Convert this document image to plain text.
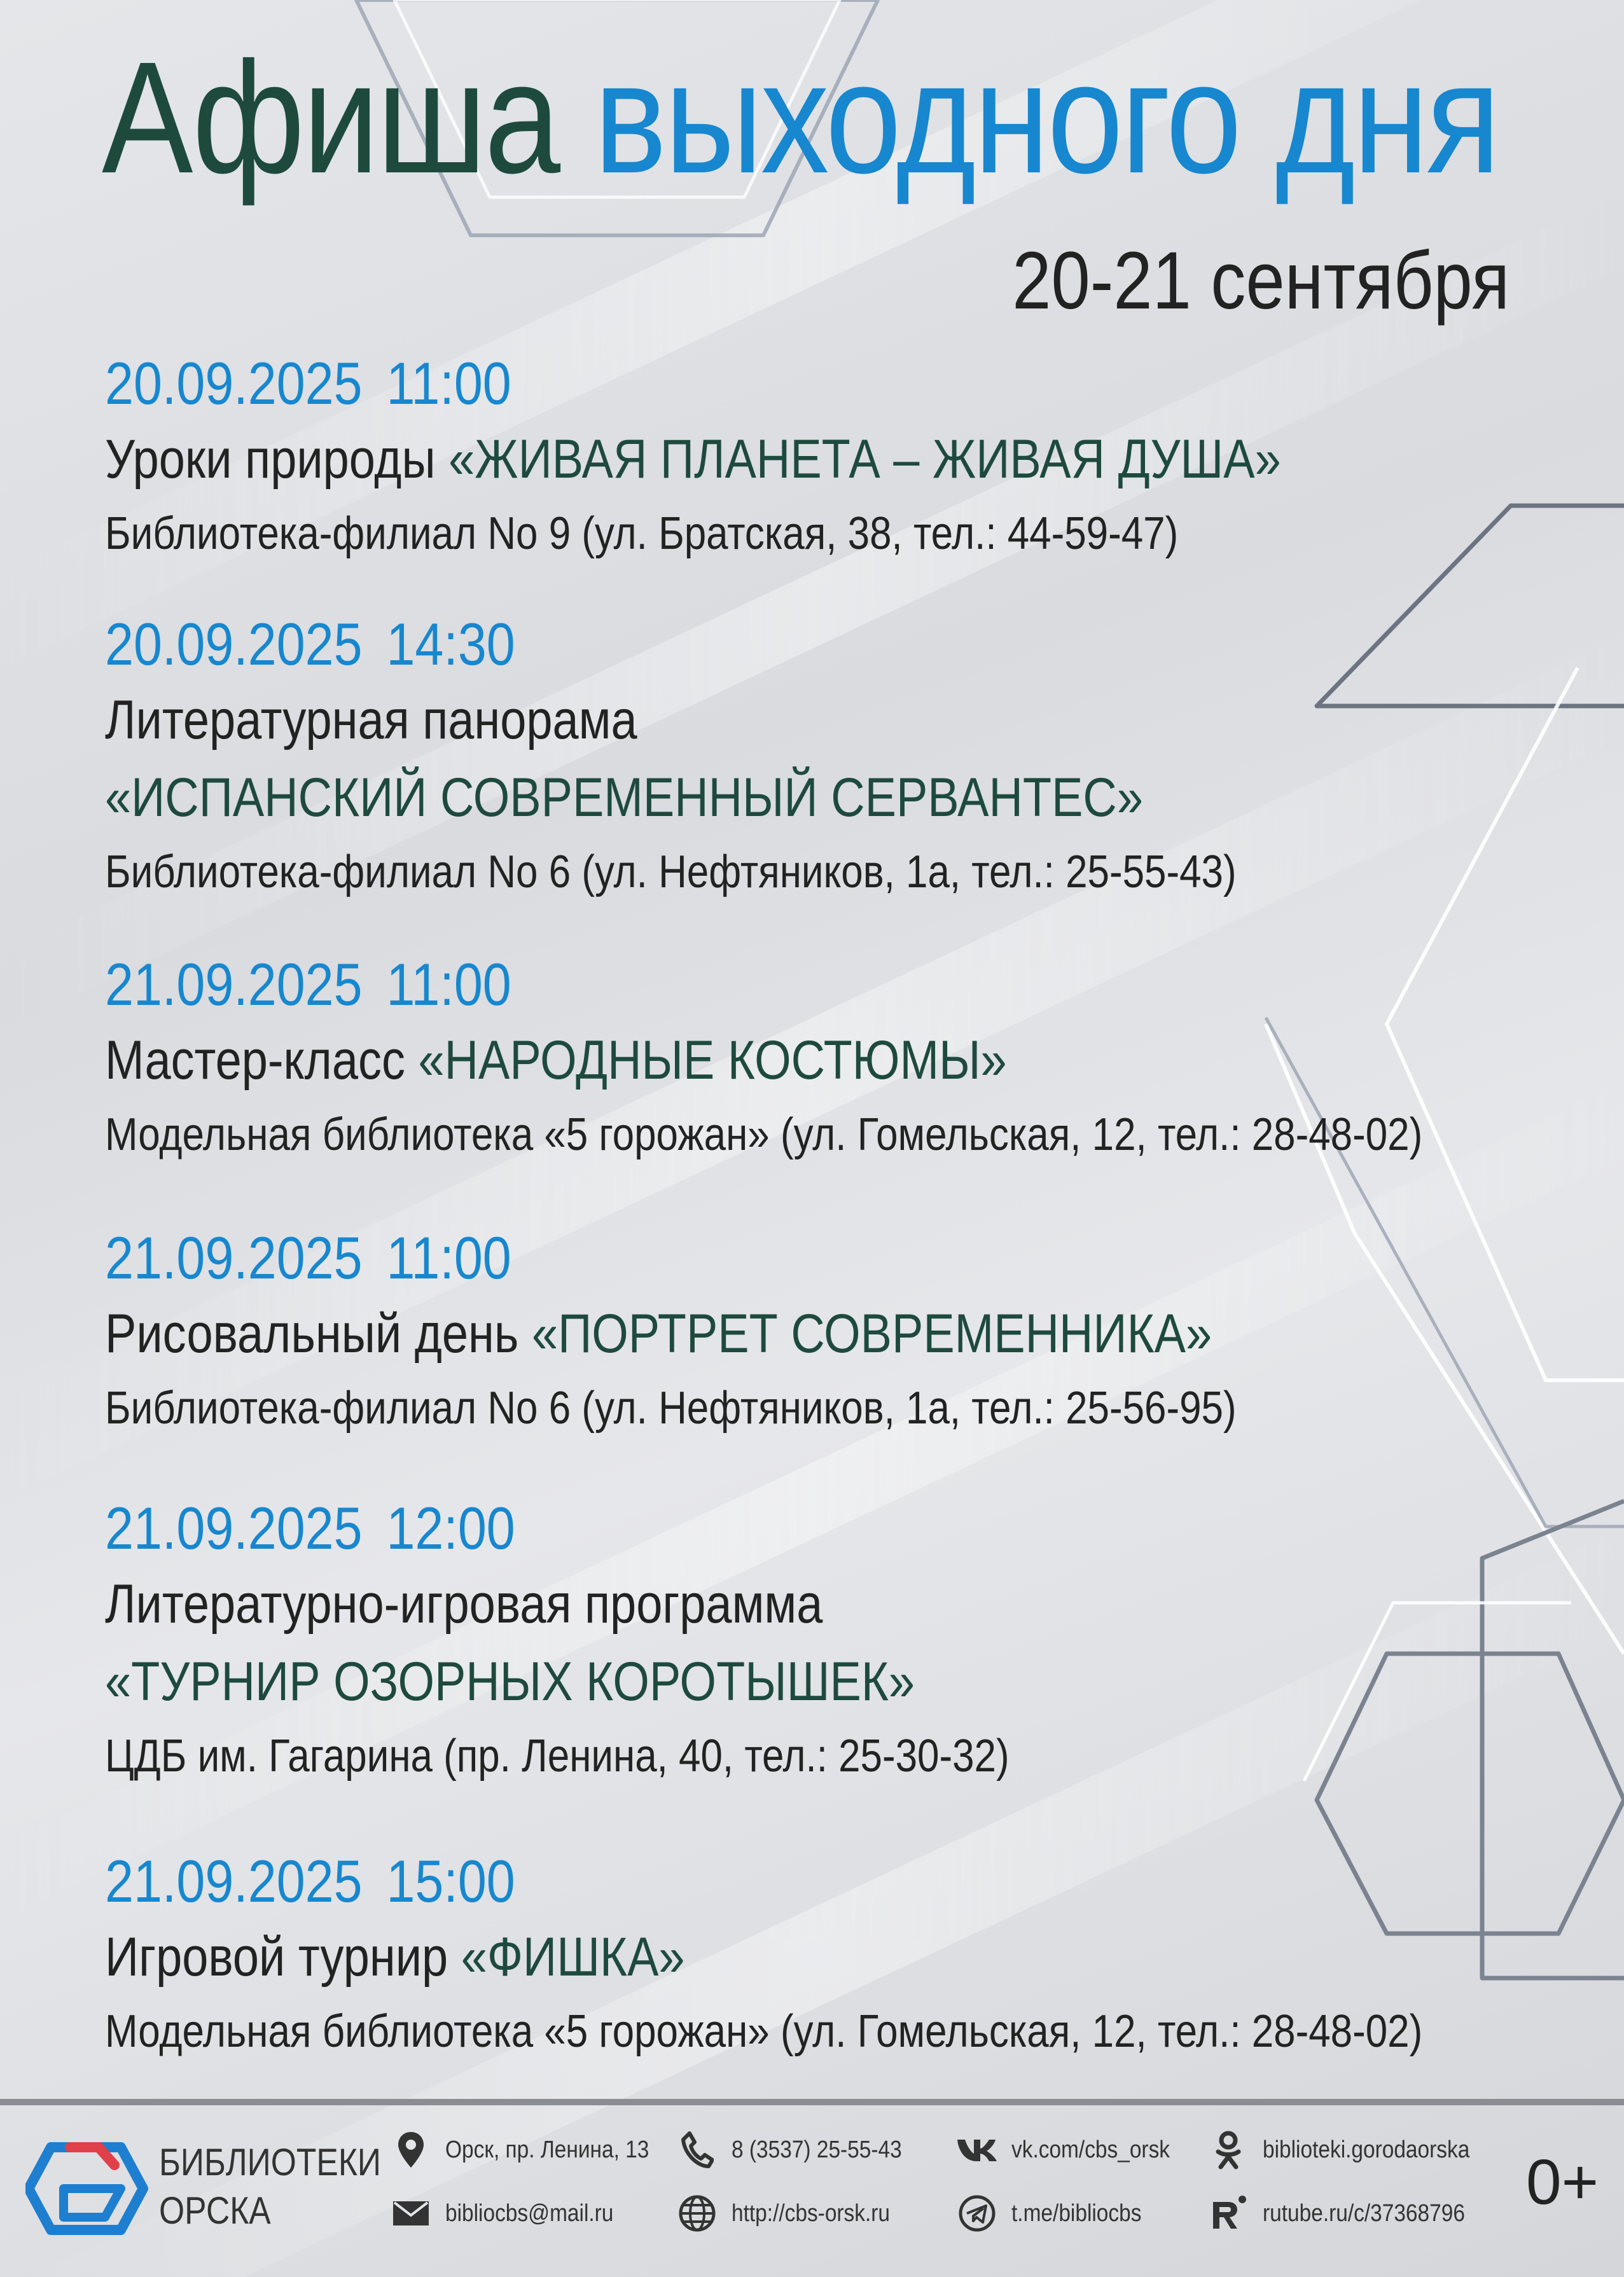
Афиша выходного дня
20-21 сентября
20.09.2025 11:00
Уроки природы «ЖИВАЯ ПЛАНЕТА – ЖИВАЯ ДУША»
Библиотека-филиал No 9 (ул. Братская, 38, тел.: 44-59-47)
20.09.2025 14:30
Литературная панорама
«ИСПАНСКИЙ СОВРЕМЕННЫЙ СЕРВАНТЕС»
Библиотека-филиал No 6 (ул. Нефтяников, 1а, тел.: 25-55-43)
21.09.2025 11:00
Мастер-класс «НАРОДНЫЕ КОСТЮМЫ»
Модельная библиотека «5 горожан» (ул. Гомельская, 12, тел.: 28-48-02)
21.09.2025 11:00
Рисовальный день «ПОРТРЕТ СОВРЕМЕННИКА»
Библиотека-филиал No 6 (ул. Нефтяников, 1а, тел.: 25-56-95)
21.09.2025 12:00
Литературно-игровая программа
«ТУРНИР ОЗОРНЫХ КОРОТЫШЕК»
ЦДБ им. Гагарина (пр. Ленина, 40, тел.: 25-30-32)
21.09.2025 15:00
Игровой турнир «ФИШКА»
Модельная библиотека «5 горожан» (ул. Гомельская, 12, тел.: 28-48-02)
БИБЛИОТЕКИ
ОРСКА
Орск, пр. Ленина, 13	8 (3537) 25-55-43	vk.com/cbs_orsk	biblioteki.gorodaorska
bibliocbs@mail.ru	http://cbs-orsk.ru	t.me/bibliocbs	rutube.ru/c/37368796 0+
